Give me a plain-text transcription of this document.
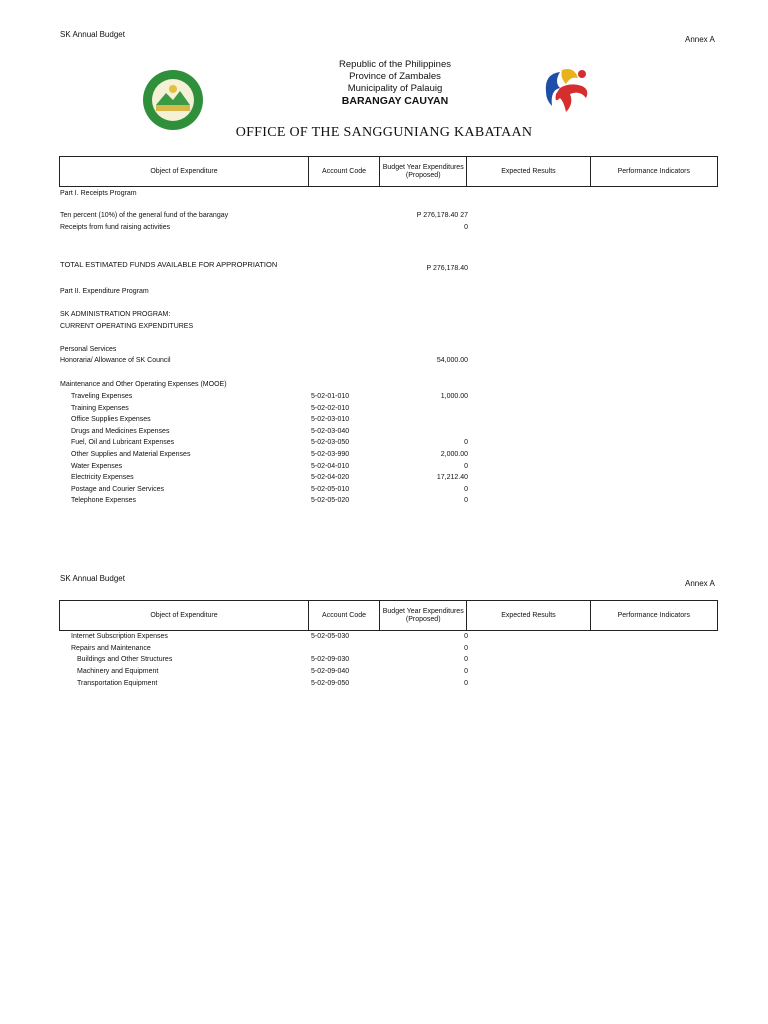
SK Annual Budget
Annex A
Republic of the Philippines
Province of Zambales
Municipality of Palauig
BARANGAY CAUYAN
OFFICE OF THE SANGGUNIANG KABATAAN
Object of Expenditure	Account Code	Budget Year Expenditures (Proposed)	Expected Results	Performance Indicators
Part I. Receipts Program
Ten percent (10%) of the general fund of the barangay	P 276,178.40 27
Receipts from fund raising activities	0
TOTAL ESTIMATED FUNDS AVAILABLE FOR APPROPRIATION	P 276,178.40
Part II. Expenditure Program
SK ADMINISTRATION PROGRAM:
CURRENT OPERATING EXPENDITURES
Personal Services
Honoraria/ Allowance of SK Council	54,000.00
Maintenance and Other Operating Expenses (MOOE)
Traveling Expenses	5-02-01-010	1,000.00
Training Expenses	5-02-02-010
Office Supplies Expenses	5-02-03-010
Drugs and Medicines Expenses	5-02-03-040
Fuel, Oil and Lubricant Expenses	5-02-03-050	0
Other Supplies and Material Expenses	5-02-03-990	2,000.00
Water Expenses	5-02-04-010	0
Electricity Expenses	5-02-04-020	17,212.40
Postage and Courier Services	5-02-05-010	0
Telephone Expenses	5-02-05-020	0
SK Annual Budget
Annex A
Object of Expenditure	Account Code	Budget Year Expenditures (Proposed)	Expected Results	Performance Indicators
Internet Subscription Expenses	5-02-05-030	0
Repairs and Maintenance	0
Buildings and Other Structures	5-02-09-030	0
Machinery and Equipment	5-02-09-040	0
Transportation Equipment	5-02-09-050	0
